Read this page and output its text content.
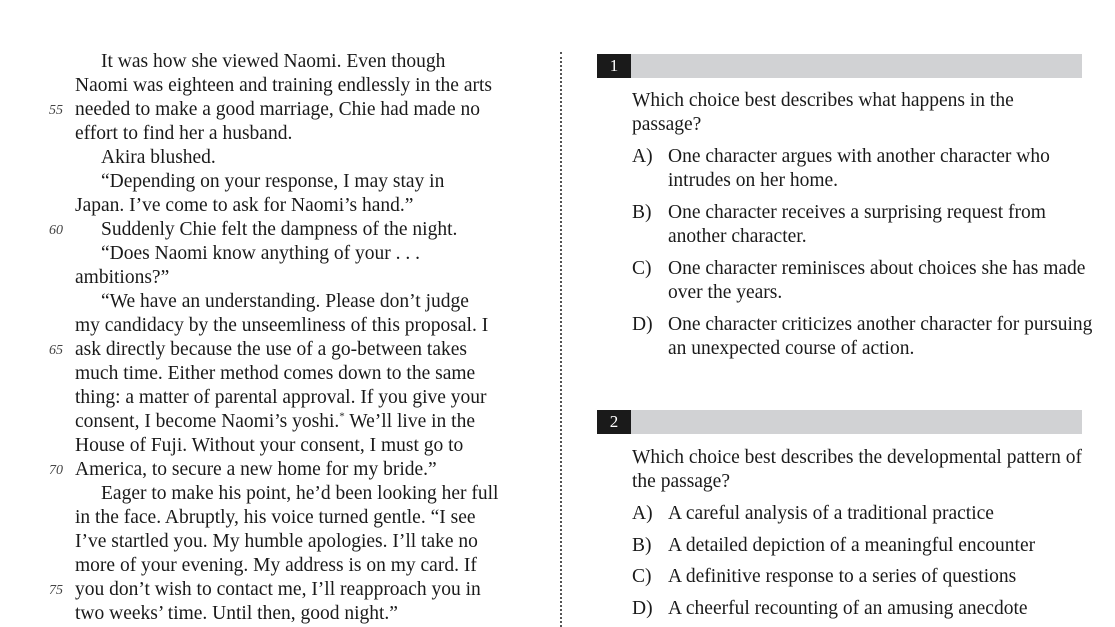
It was how she viewed Naomi. Even though
Naomi was eighteen and training endlessly in the arts
55 needed to make a good marriage, Chie had made no
effort to find her a husband.
Akira blushed.
“Depending on your response, I may stay in
Japan. I’ve come to ask for Naomi’s hand.”
60	Suddenly Chie felt the dampness of the night.
“Does Naomi know anything of your . . .
ambitions?”
“We have an understanding. Please don’t judge
my candidacy by the unseemliness of this proposal. I
65 ask directly because the use of a go-between takes
much time. Either method comes down to the same
thing: a matter of parental approval. If you give your
consent, I become Naomi’s yoshi.* We’ll live in the
House of Fuji. Without your consent, I must go to
70 America, to secure a new home for my bride.”
Eager to make his point, he’d been looking her full
in the face. Abruptly, his voice turned gentle. “I see
I’ve startled you. My humble apologies. I’ll take no
more of your evening. My address is on my card. If
75 you don’t wish to contact me, I’ll reapproach you in
two weeks’ time. Until then, good night.”
1
Which choice best describes what happens in the passage?
A) One character argues with another character who intrudes on her home.
B) One character receives a surprising request from another character.
C) One character reminisces about choices she has made over the years.
D) One character criticizes another character for pursuing an unexpected course of action.
2
Which choice best describes the developmental pattern of the passage?
A) A careful analysis of a traditional practice
B) A detailed depiction of a meaningful encounter
C) A definitive response to a series of questions
D) A cheerful recounting of an amusing anecdote
